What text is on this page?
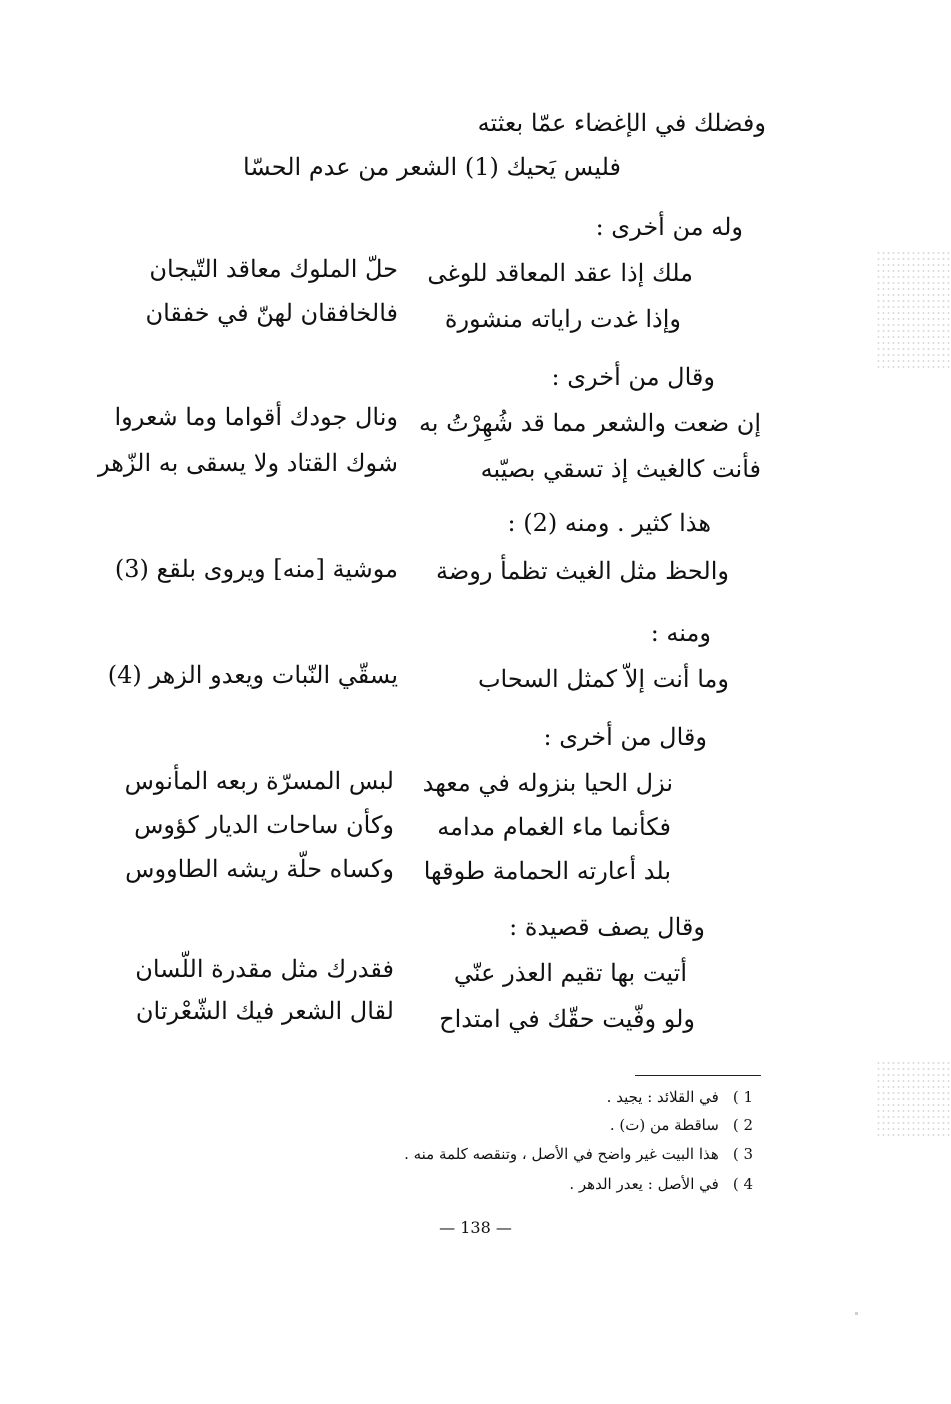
وفضلك في الإغضاء عمّا بعثته
فليس يَحيك (1) الشعر من عدم الحسّا
وله من أخرى :
ملك إذا عقد المعاقد للوغى
حلّ الملوك معاقد التّيجان
وإذا غدت راياته منشورة
فالخافقان لهنّ في خفقان
وقال من أخرى :
إن ضعت والشعر مما قد شُهِرْتُ به
ونال جودك أقواما وما شعروا
فأنت كالغيث إذ تسقي بصيّبه
شوك القتاد ولا يسقى به الزّهر
هذا كثير . ومنه (2) :
والحظ مثل الغيث تظمأ روضة
موشية [منه] ويروى بلقع (3)
ومنه :
وما أنت إلاّ كمثل السحاب
يسقّي النّبات ويعدو الزهر (4)
وقال من أخرى :
نزل الحيا بنزوله في معهد
لبس المسرّة ربعه المأنوس
فكأنما ماء الغمام مدامه
وكأن ساحات الديار كؤوس
بلد أعارته الحمامة طوقها
وكساه حلّة ريشه الطاووس
وقال يصف قصيدة :
أتيت بها تقيم العذر عنّي
فقدرك مثل مقدرة اللّسان
ولو وفّيت حقّك في امتداح
لقال الشعر فيك الشّعْرتان
1 )في القلائد : يجيد .
2 )ساقطة من (ت) .
3 )هذا البيت غير واضح في الأصل ، وتنقصه كلمة منه .
4 )في الأصل : يعدر الدهر .
— 138 —
